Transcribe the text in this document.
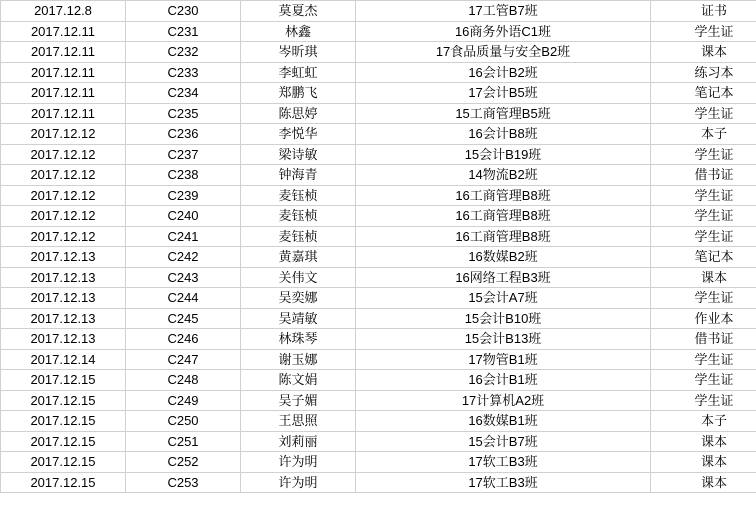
2017.12.8	C230	莫夏杰	17工管B7班	证书
2017.12.11	C231	林鑫	16商务外语C1班	学生证
2017.12.11	C232	岑昕琪	17食品质量与安全B2班	课本
2017.12.11	C233	李虹虹	16会计B2班	练习本
2017.12.11	C234	郑鹏飞	17会计B5班	笔记本
2017.12.11	C235	陈思婷	15工商管理B5班	学生证
2017.12.12	C236	李悦华	16会计B8班	本子
2017.12.12	C237	梁诗敏	15会计B19班	学生证
2017.12.12	C238	钟海青	14物流B2班	借书证
2017.12.12	C239	麦钰桢	16工商管理B8班	学生证
2017.12.12	C240	麦钰桢	16工商管理B8班	学生证
2017.12.12	C241	麦钰桢	16工商管理B8班	学生证
2017.12.13	C242	黄嘉琪	16数媒B2班	笔记本
2017.12.13	C243	关伟文	16网络工程B3班	课本
2017.12.13	C244	吴奕娜	15会计A7班	学生证
2017.12.13	C245	吴靖敏	15会计B10班	作业本
2017.12.13	C246	林珠琴	15会计B13班	借书证
2017.12.14	C247	谢玉娜	17物管B1班	学生证
2017.12.15	C248	陈文娟	16会计B1班	学生证
2017.12.15	C249	吴子媚	17计算机A2班	学生证
2017.12.15	C250	王思照	16数媒B1班	本子
2017.12.15	C251	刘莉丽	15会计B7班	课本
2017.12.15	C252	许为明	17软工B3班	课本
2017.12.15	C253	许为明	17软工B3班	课本
